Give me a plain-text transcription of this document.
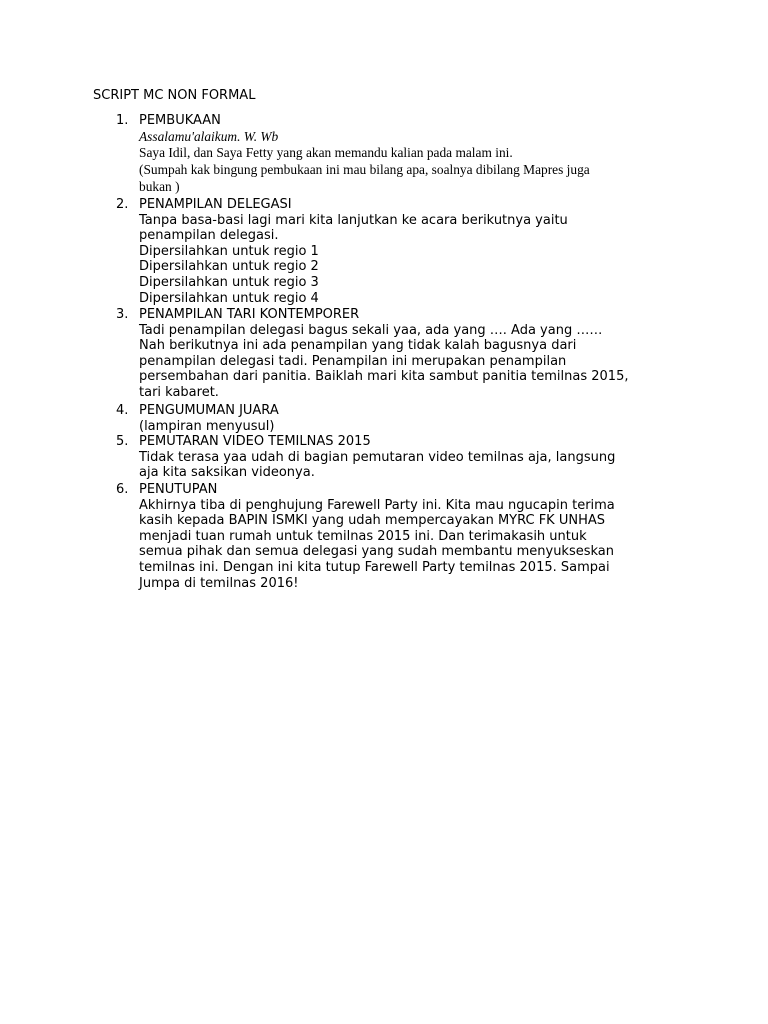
SCRIPT MC NON FORMAL
1. PEMBUKAAN
Assalamu'alaikum. W. Wb
Saya Idil, dan Saya Fetty yang akan memandu kalian pada malam ini.
(Sumpah kak bingung pembukaan ini mau bilang apa, soalnya dibilang Mapres juga
bukan )
2. PENAMPILAN DELEGASI
Tanpa basa-basi lagi mari kita lanjutkan ke acara berikutnya yaitu
penampilan delegasi.
Dipersilahkan untuk regio 1
Dipersilahkan untuk regio 2
Dipersilahkan untuk regio 3
Dipersilahkan untuk regio 4
3. PENAMPILAN TARI KONTEMPORER
Tadi penampilan delegasi bagus sekali yaa, ada yang …. Ada yang ……
Nah berikutnya ini ada penampilan yang tidak kalah bagusnya dari
penampilan delegasi tadi. Penampilan ini merupakan penampilan
persembahan dari panitia. Baiklah mari kita sambut panitia temilnas 2015,
tari kabaret.
4. PENGUMUMAN JUARA
(lampiran menyusul)
5. PEMUTARAN VIDEO TEMILNAS 2015
Tidak terasa yaa udah di bagian pemutaran video temilnas aja, langsung
aja kita saksikan videonya.
6. PENUTUPAN
Akhirnya tiba di penghujung Farewell Party ini. Kita mau ngucapin terima
kasih kepada BAPIN ISMKI yang udah mempercayakan MYRC FK UNHAS
menjadi tuan rumah untuk temilnas 2015 ini. Dan terimakasih untuk
semua pihak dan semua delegasi yang sudah membantu menyukseskan
temilnas ini. Dengan ini kita tutup Farewell Party temilnas 2015. Sampai
Jumpa di temilnas 2016!
